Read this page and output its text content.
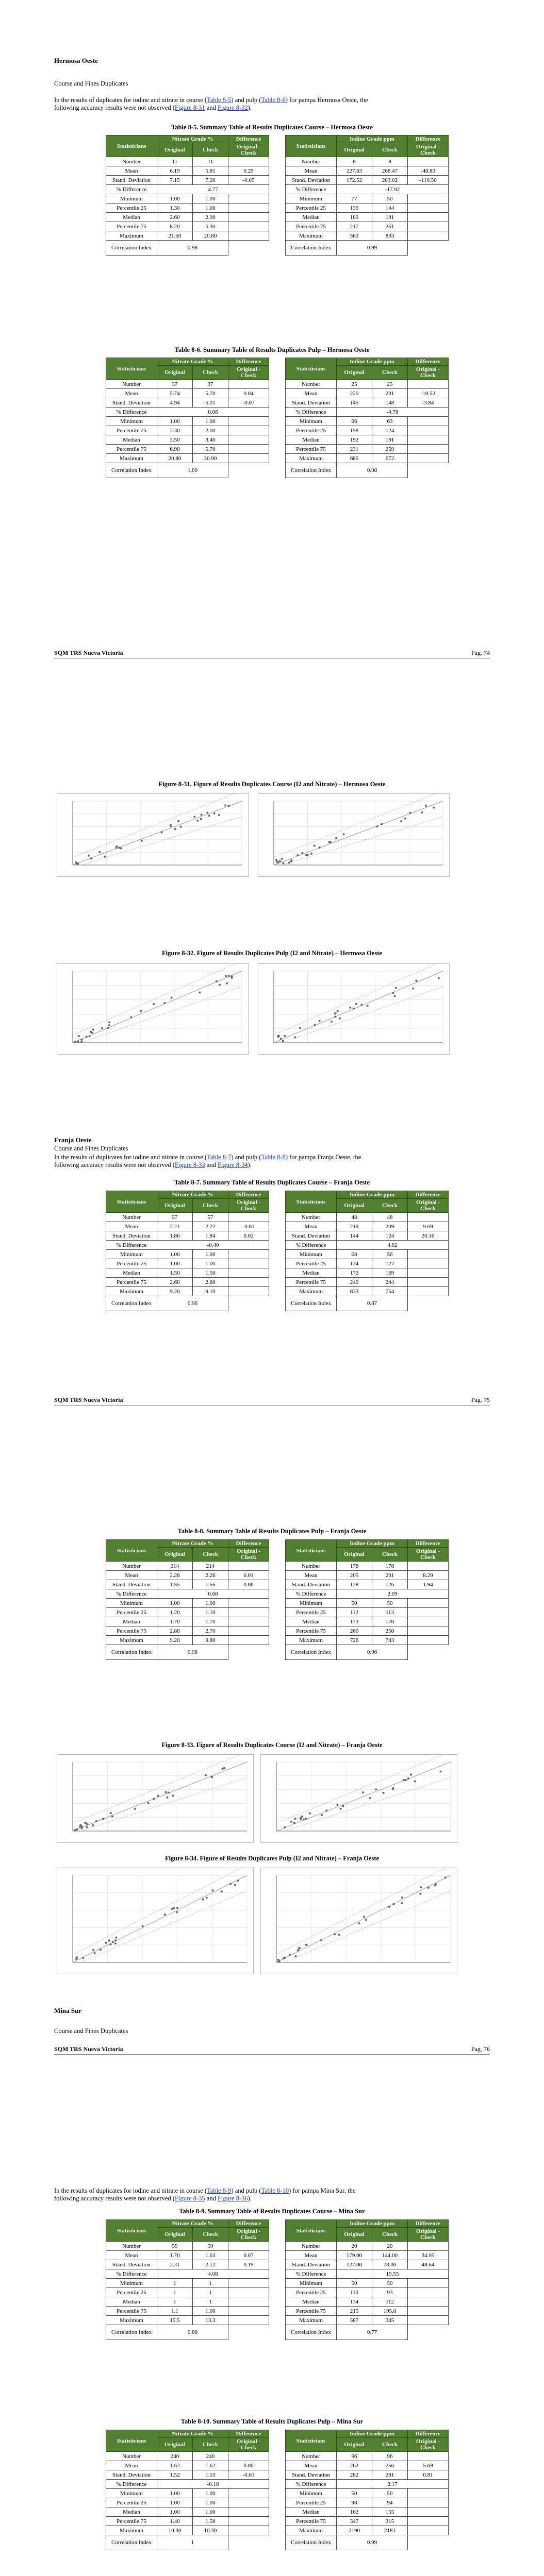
Hermosa Oeste
Course and Fines Duplicates
In the results of duplicates for iodine and nitrate in course (Table 8-5) and pulp (Table 8-6) for pampa Hermosa Oeste, the
following accuracy results were not observed (Figure 8-31 and Figure 8-32).
Table 8-5. Summary Table of Results Duplicates Course – Hermosa Oeste
Table 8-6. Summary Table of Results Duplicates Pulp – Hermosa Oeste
SQM TRS Nueva Victoria	Pag. 74
Figure 8-31. Figure of Results Duplicates Course (I2 and Nitrate) – Hermosa Oeste
Figure 8-32. Figure of Results Duplicates Pulp (I2 and Nitrate) – Hermosa Oeste
Franja Oeste
Course and Fines Duplicates
In the results of duplicates for iodine and nitrate in course (Table 8-7) and pulp (Table 8-8) for pampa Franja Oeste, the
following accuracy results were not observed (Figure 8-33 and Figure 8-34).
Table 8-7. Summary Table of Results Duplicates Course – Franja Oeste
SQM TRS Nueva Victoria	Pag. 75
Table 8-8. Summary Table of Results Duplicates Pulp – Franja Oeste
Figure 8-33. Figure of Results Duplicates Course (I2 and Nitrate) – Franja Oeste
Figure 8-34. Figure of Results Duplicates Pulp (I2 and Nitrate) – Franja Oeste
Mina Sur
Course and Fines Duplicates
SQM TRS Nueva Victoria	Pag. 76
In the results of duplicates for iodine and nitrate in course (Table 8-9) and pulp (Table 8-10) for pampa Mina Sur, the
following accuracy results were not observed (Figure 8-35 and Figure 8-36).
Table 8-9. Summary Table of Results Duplicates Course – Mina Sur
Table 8-10. Summary Table of Results Duplicates Pulp – Mina Sur
Statisticians	Nitrate Grade %		Difference
	Original	Check	Original - Check
Number	11	11	
Mean	6.19	5.81	0.29
Stand. Deviation	7.15	7.20	-0.05
% Difference	4.77		
Minimum	1.00	1.00	
Percentile 25	1.30	1.00	
Median	2.60	2.90	
Percentile 75	8.20	6.30	
Maximum	21.50	20.80	
Correlation Index	0.98		
Statisticians	Iodine Grade ppm		Difference
	Original	Check	Original - Check
Number	8	8	
Mean	227.63	268.47	-40.83
Stand. Deviation	172.52	283.02	-110.50
% Difference	-17.92		
Minimum	77	50	
Percentile 25	139	144	
Median	189	191	
Percentile 75	217	261	
Maximum	563	833	
Correlation Index	0.99		
Statisticians	Nitrate Grade %		Difference
	Original	Check	Original - Check
Number	37	37	
Mean	5.74	5.70	0.04
Stand. Deviation	4.94	5.01	-0.07
% Difference	0.66		
Minimum	1.00	1.00	
Percentile 25	2.30	2.00	
Median	3.50	3.40	
Percentile 75	6.90	5.70	
Maximum	20.80	20.90	
Correlation Index	1.00		
Statisticians	Iodine Grade ppm		Difference
	Original	Check	Original - Check
Number	25	25	
Mean	220	231	-10.52
Stand. Deviation	145	148	-3.84
% Difference	-4.78		
Minimum	66	63	
Percentile 25	158	124	
Median	192	191	
Percentile 75	231	259	
Maximum	685	672	
Correlation Index	0.98		
Statisticians	Nitrate Grade %		Difference
	Original	Check	Original - Check
Number	57	57	
Mean	2.21	2.22	-0.01
Stand. Deviation	1.86	1.84	0.02
% Difference	-0.40		
Minimum	1.00	1.00	
Percentile 25	1.00	1.00	
Median	1.50	1.50	
Percentile 75	2.60	2.60	
Maximum	9.20	9.10	
Correlation Index	0.96		
Statisticians	Iodine Grade ppm		Difference
	Original	Check	Original - Check
Number	48	48	
Mean	219	209	9.69
Stand. Deviation	144	124	20.16
% Difference	4.62		
Minimum	68	56	
Percentile 25	124	127	
Median	172	169	
Percentile 75	249	244	
Maximum	833	754	
Correlation Index	0.87		
Statisticians	Nitrate Grade %		Difference
	Original	Check	Original - Check
Number	214	214	
Mean	2.28	2.26	0.01
Stand. Deviation	1.55	1.55	0.00
% Difference	0.60		
Minimum	1.00	1.00	
Percentile 25	1.20	1.10	
Median	1.70	1.70	
Percentile 75	2.88	2.70	
Maximum	9.20	9.80	
Correlation Index	0.98		
Statisticians	Iodine Grade ppm		Difference
	Original	Check	Original - Check
Number	178	178	
Mean	205	201	8.29
Stand. Deviation	128	126	1.94
% Difference	2.09		
Minimum	50	50	
Percentile 25	112	113	
Median	173	170	
Percentile 75	260	250	
Maximum	726	743	
Correlation Index	0.96		
Statisticians	Nitrate Grade %		Difference
	Original	Check	Original - Check
Number	59	59	
Mean	1.70	1.63	0.07
Stand. Deviation	2.31	2.12	0.19
% Difference	4.08		
Minimum	1	1	
Percentile 25	1	1	
Median	1	1	
Percentile 75	1.1	1.00	
Maximum	15.5	13.3	
Correlation Index	0.88		
Statisticians	Iodine Grade ppm		Difference
	Original	Check	Original - Check
Number	20	20	
Mean	179.00	144.00	34.95
Stand. Deviation	127.00	78.00	48.64
% Difference	19.55		
Minimum	50	50	
Percentile 25	110	93	
Median	134	112	
Percentile 75	215	195.0	
Maximum	587	345	
Correlation Index	0.77		
Statisticians	Nitrate Grade %		Difference
	Original	Check	Original - Check
Number	240	240	
Mean	1.62	1.62	0.00
Stand. Deviation	1.52	1.53	-0.01
% Difference	-0.18		
Minimum	1.00	1.00	
Percentile 25	1.00	1.00	
Median	1.00	1.00	
Percentile 75	1.40	1.50	
Maximum	10.30	10.30	
Correlation Index	1		
Statisticians	Iodine Grade ppm		Difference
	Original	Check	Original - Check
Number	96	96	
Mean	262	256	5.69
Stand. Deviation	282	281	0.81
% Difference	2.17		
Minimum	50	50	
Percentile 25	98	94	
Median	162	155	
Percentile 75	347	315	
Maximum	2190	2181	
Correlation Index	0.99		
